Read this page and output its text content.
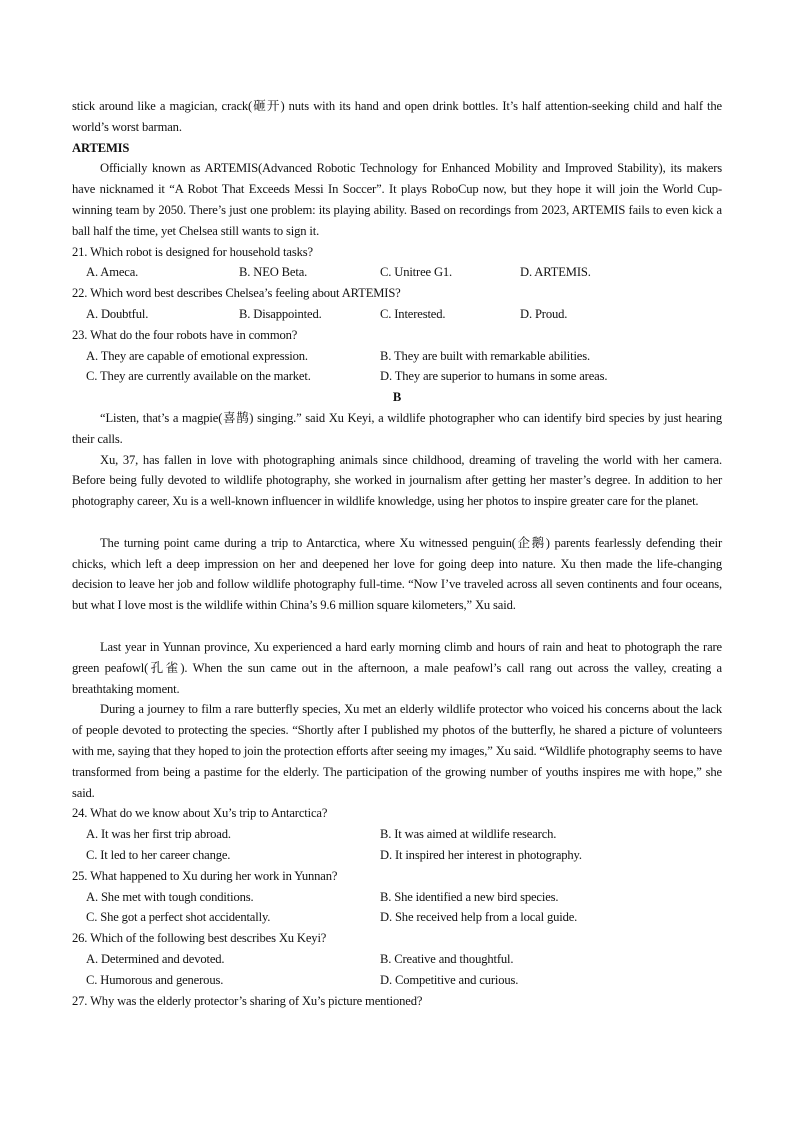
stick around like a magician, crack(砸开) nuts with its hand and open drink bottles. It’s half attention-seeking child and half the world’s worst barman.
ARTEMIS
Officially known as ARTEMIS(Advanced Robotic Technology for Enhanced Mobility and Improved Stability), its makers have nicknamed it “A Robot That Exceeds Messi In Soccer”. It plays RoboCup now, but they hope it will join the World Cup-winning team by 2050. There’s just one problem: its playing ability. Based on recordings from 2023, ARTEMIS fails to even kick a ball half the time, yet Chelsea still wants to sign it.
21. Which robot is designed for household tasks?
A. Ameca.	B. NEO Beta.	C. Unitree G1.	D. ARTEMIS.
22. Which word best describes Chelsea’s feeling about ARTEMIS?
A. Doubtful.	B. Disappointed.	C. Interested.	D. Proud.
23. What do the four robots have in common?
A. They are capable of emotional expression.	B. They are built with remarkable abilities.
C. They are currently available on the market.	D. They are superior to humans in some areas.
B
“Listen, that’s a magpie(喜鹊) singing.” said Xu Keyi, a wildlife photographer who can identify bird species by just hearing their calls.
Xu, 37, has fallen in love with photographing animals since childhood, dreaming of traveling the world with her camera. Before being fully devoted to wildlife photography, she worked in journalism after getting her master’s degree. In addition to her photography career, Xu is a well-known influencer in wildlife knowledge, using her photos to inspire greater care for the planet.
The turning point came during a trip to Antarctica, where Xu witnessed penguin(企鹅) parents fearlessly defending their chicks, which left a deep impression on her and deepened her love for going deep into nature. Xu then made the life-changing decision to leave her job and follow wildlife photography full-time. “Now I’ve traveled across all seven continents and four oceans, but what I love most is the wildlife within China’s 9.6 million square kilometers,” Xu said.
Last year in Yunnan province, Xu experienced a hard early morning climb and hours of rain and heat to photograph the rare green peafowl(孔雀). When the sun came out in the afternoon, a male peafowl’s call rang out across the valley, creating a breathtaking moment.
During a journey to film a rare butterfly species, Xu met an elderly wildlife protector who voiced his concerns about the lack of people devoted to protecting the species. “Shortly after I published my photos of the butterfly, he shared a picture of volunteers with me, saying that they hoped to join the protection efforts after seeing my images,” Xu said. “Wildlife photography seems to have transformed from being a pastime for the elderly. The participation of the growing number of youths inspires me with hope,” she said.
24. What do we know about Xu’s trip to Antarctica?
A. It was her first trip abroad.	B. It was aimed at wildlife research.
C. It led to her career change.	D. It inspired her interest in photography.
25. What happened to Xu during her work in Yunnan?
A. She met with tough conditions.	B. She identified a new bird species.
C. She got a perfect shot accidentally.	D. She received help from a local guide.
26. Which of the following best describes Xu Keyi?
A. Determined and devoted.	B. Creative and thoughtful.
C. Humorous and generous.	D. Competitive and curious.
27. Why was the elderly protector’s sharing of Xu’s picture mentioned?
